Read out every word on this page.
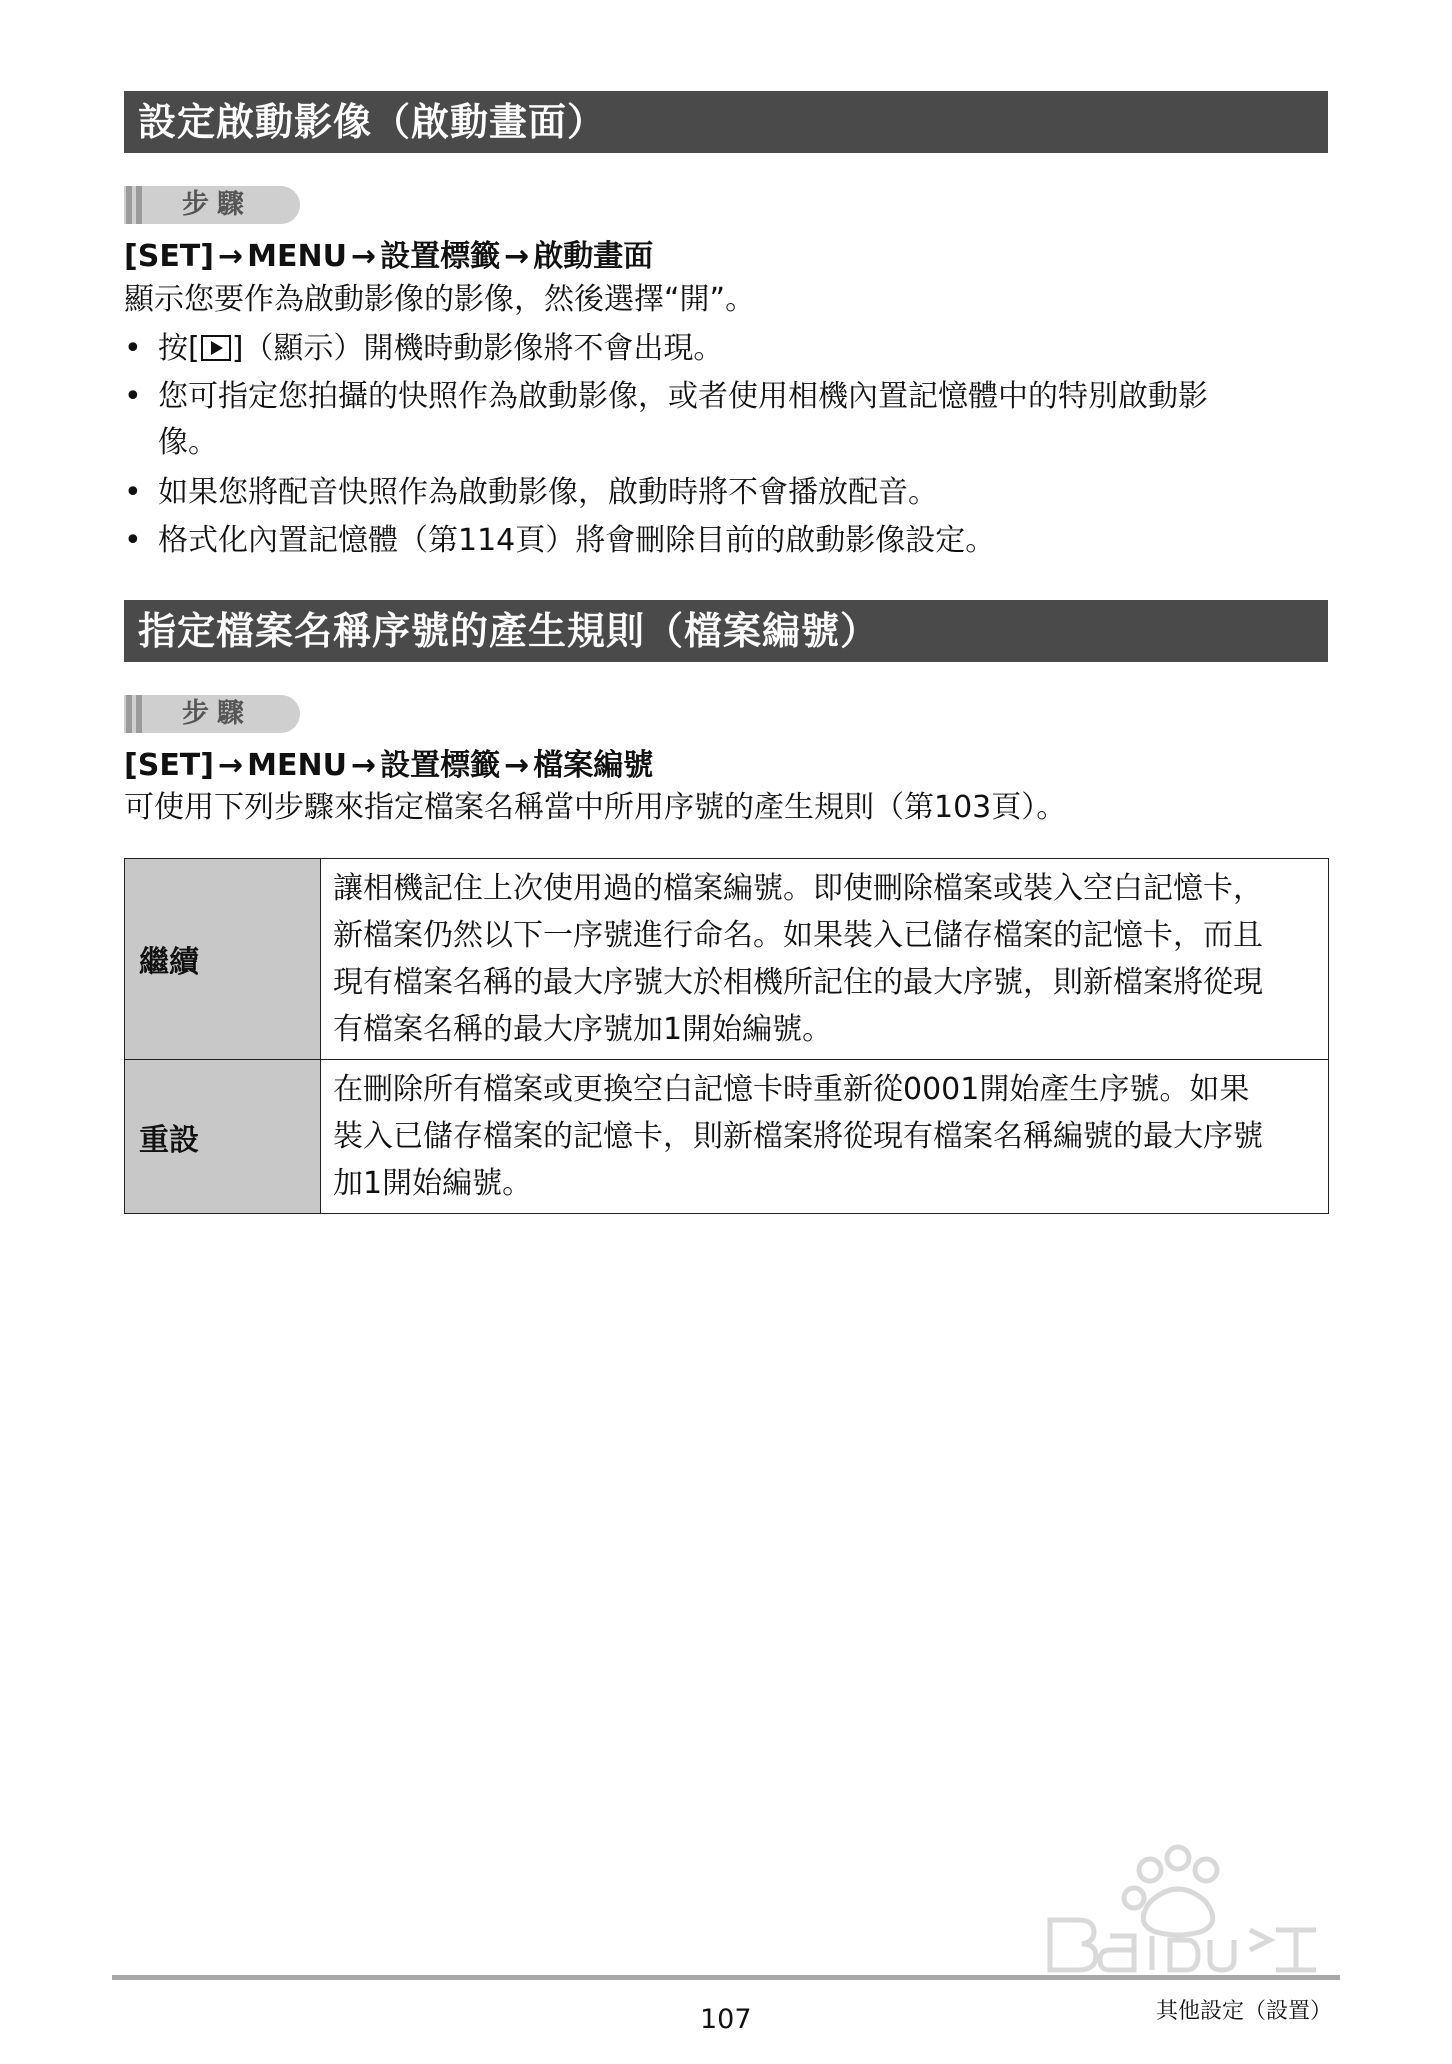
設定啟動影像（啟動畫面）
步驟
[SET] → MENU → 設置標籤 → 啟動畫面
顯示您要作為啟動影像的影像，然後選擇“開”。
• 按[ ]（顯示）開機時動影像將不會出現。
• 您可指定您拍攝的快照作為啟動影像，或者使用相機內置記憶體中的特別啟動影
像。
• 如果您將配音快照作為啟動影像，啟動時將不會播放配音。
• 格式化內置記憶體（第114頁）將會刪除目前的啟動影像設定。
指定檔案名稱序號的產生規則（檔案編號）
步驟
[SET] → MENU → 設置標籤 → 檔案編號
可使用下列步驟來指定檔案名稱當中所用序號的產生規則（第103頁）。
繼續	讓相機記住上次使用過的檔案編號。即使刪除檔案或裝入空白記憶卡，
新檔案仍然以下一序號進行命名。如果裝入已儲存檔案的記憶卡，而且
現有檔案名稱的最大序號大於相機所記住的最大序號，則新檔案將從現
有檔案名稱的最大序號加1開始編號。

重設	在刪除所有檔案或更換空白記憶卡時重新從0001開始產生序號。如果
裝入已儲存檔案的記憶卡，則新檔案將從現有檔案名稱編號的最大序號
加1開始編號。
107	其他設定（設置）
